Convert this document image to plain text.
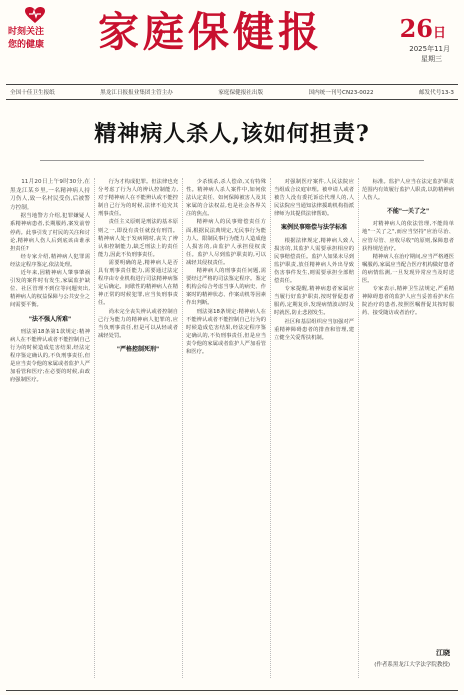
时刻关注
您的健康 家庭保健报	26日
2025年11月
星期三
全国十佳卫生报纸	黑龙江日报报业集团主管主办	家庭保健报社出版	国内统一刊号CN23-0022	邮发代号13-3
精神病人杀人,该如何担责?

11月20日上午9时30分,在黑龙江某乡里,一名精神病人持刀伤人,致一名村民受伤,后被警方控制。

据当地警方介绍,犯罪嫌疑人系精神病患者,长期服药,案发前曾停药。此事引发了村民的关注和讨论,精神病人伤人后到底该由谁承担责任?

经专家介绍,精神病人犯罪需经法定程序鉴定,依法处理。

近年来,因精神病人肇事肇祸引发的案件时有发生,家属监护缺位、社区管理不到位等问题突出,精神病人的权益保障与公共安全之间需要平衡。

"法不强人所难"

刑法第18条第1款规定:精神病人在不能辨认或者不能控制自己行为的时候造成危害结果,经法定程序鉴定确认的,不负刑事责任,但是应当责令他的家属或者监护人严加看管和医疗;在必要的时候,由政府强制医疗。

行为才构成犯罪。但法律也充分考虑了行为人的辨认控制能力,对于精神病人在不能辨认或不能控制自己行为的时候,法律不追究其刑事责任。

责任主义原则是刑法的基本原则之一,即没有责任就没有刑罚。精神病人处于发病期时,丧失了辨认和控制能力,缺乏刑法上的责任能力,因此不负刑事责任。

需要明确的是,精神病人是否具有刑事责任能力,需要通过法定程序由专业机构进行司法精神病鉴定后确定。间歇性的精神病人在精神正常的时候犯罪,应当负刑事责任。

尚未完全丧失辨认或者控制自己行为能力的精神病人犯罪的,应当负刑事责任,但是可以从轻或者减轻处罚。

"严格控制死刑"

少杀慎杀,杀人偿命,又有特殊性。精神病人杀人案件中,如何依法认定责任、如何保障被害人及其家属的合法权益,也是社会各界关注的焦点。

精神病人的民事赔偿责任方面,根据民法典规定,无民事行为能力人、限制民事行为能力人造成他人损害的,由监护人承担侵权责任。监护人尽到监护职责的,可以减轻其侵权责任。

精神病人的刑事责任问题,需要经过严格的司法鉴定程序。鉴定机构会综合考虑当事人的病史、作案时的精神状态、作案动机等因素作出判断。

刑法第18条规定:精神病人在不能辨认或者不能控制自己行为的时候造成危害结果,经法定程序鉴定确认的,不负刑事责任,但是应当责令他的家属或者监护人严加看管和医疗。

对强制医疗案件,人民法院应当组成合议庭审理。被申请人或者被告人没有委托诉讼代理人的,人民法院应当通知法律援助机构指派律师为其提供法律帮助。

案例民事赔偿与法学标准

根据法律规定,精神病人致人损害的,其监护人需要承担相应的民事赔偿责任。监护人如果未尽到监护职责,放任精神病人外出导致伤害事件发生,则需要承担全部赔偿责任。

专家提醒,精神病患者家属应当履行好监护职责,按时督促患者服药,定期复诊,发现病情波动时及时就医,防止悲剧发生。

社区和基层组织应当加强对严重精神障碍患者的排查和管理,建立健全关爱帮扶机制。

标准。监护人应当在法定监护职责范围内有效履行监护人职责,以防精神病人伤人。

不能"一关了之"

对精神病人的依法管理,不能简单地"一关了之",而应当坚持"应治尽治、应管尽管、应收尽收"的原则,保障患者获得规范治疗。

精神病人在治疗期间,应当严格遵医嘱服药,家属应当配合医疗机构做好患者的病情监测,一旦发现异常应当及时送医。

专家表示,精神卫生法规定,严重精神障碍患者的监护人应当妥善看护未住院治疗的患者,按照医嘱督促其按时服药、接受随访或者治疗。

江晓
(作者系黑龙江大学法学院教授)
